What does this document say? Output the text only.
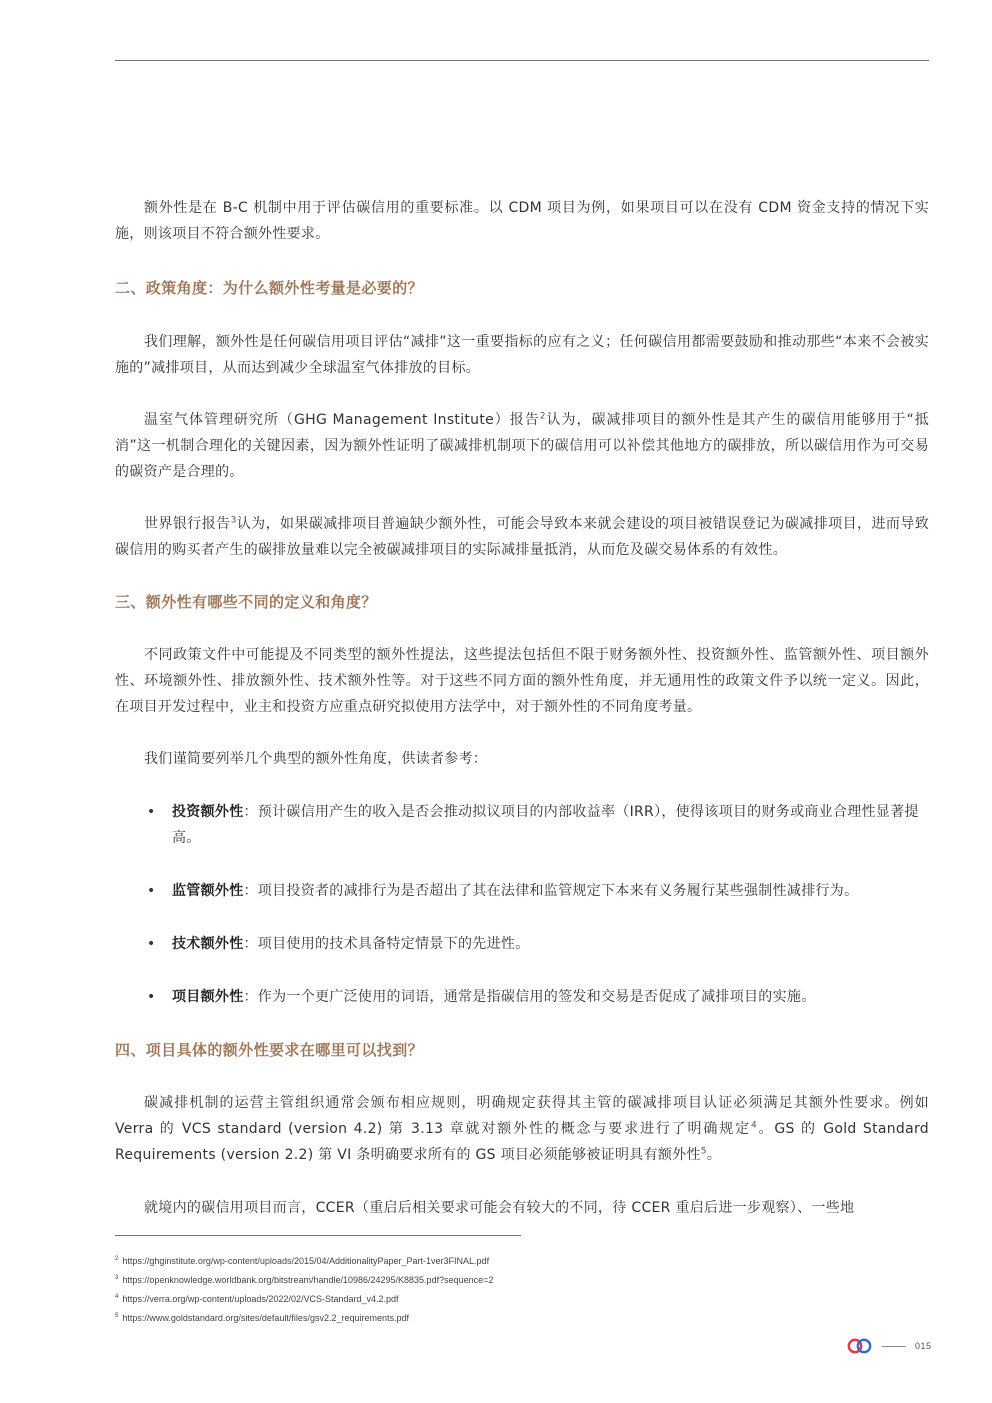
额外性是在 B-C 机制中用于评估碳信用的重要标准。以 CDM 项目为例，如果项目可以在没有 CDM 资金支持的情况下实施，则该项目不符合额外性要求。

二、政策角度：为什么额外性考量是必要的？

我们理解，额外性是任何碳信用项目评估“减排”这一重要指标的应有之义；任何碳信用都需要鼓励和推动那些“本来不会被实施的”减排项目，从而达到减少全球温室气体排放的目标。

温室气体管理研究所（GHG Management Institute）报告$^2$认为，碳减排项目的额外性是其产生的碳信用能够用于“抵消”这一机制合理化的关键因素，因为额外性证明了碳减排机制项下的碳信用可以补偿其他地方的碳排放，所以碳信用作为可交易的碳资产是合理的。

世界银行报告$^3$认为，如果碳减排项目普遍缺少额外性，可能会导致本来就会建设的项目被错误登记为碳减排项目，进而导致碳信用的购买者产生的碳排放量难以完全被碳减排项目的实际减排量抵消，从而危及碳交易体系的有效性。

三、额外性有哪些不同的定义和角度？

不同政策文件中可能提及不同类型的额外性提法，这些提法包括但不限于财务额外性、投资额外性、监管额外性、项目额外性、环境额外性、排放额外性、技术额外性等。对于这些不同方面的额外性角度，并无通用性的政策文件予以统一定义。因此，在项目开发过程中，业主和投资方应重点研究拟使用方法学中，对于额外性的不同角度考量。

我们谨简要列举几个典型的额外性角度，供读者参考：

• 投资额外性：预计碳信用产生的收入是否会推动拟议项目的内部收益率（IRR），使得该项目的财务或商业合理性显著提高。
• 监管额外性：项目投资者的减排行为是否超出了其在法律和监管规定下本来有义务履行某些强制性减排行为。
• 技术额外性：项目使用的技术具备特定情景下的先进性。
• 项目额外性：作为一个更广泛使用的词语，通常是指碳信用的签发和交易是否促成了减排项目的实施。
四、项目具体的额外性要求在哪里可以找到？

碳减排机制的运营主管组织通常会颁布相应规则，明确规定获得其主管的碳减排项目认证必须满足其额外性要求。例如 Verra 的 VCS standard (version 4.2) 第 3.13 章就对额外性的概念与要求进行了明确规定$^4$。GS 的 Gold Standard Requirements (version 2.2) 第 VI 条明确要求所有的 GS 项目必须能够被证明具有额外性$^5$。

就境内的碳信用项目而言，CCER（重启后相关要求可能会有较大的不同，待 CCER 重启后进一步观察）、一些地

$^2$ https://ghginstitute.org/wp-content/uploads/2015/04/AdditionalityPaper_Part-1ver3FINAL.pdf
$^3$ https://openknowledge.worldbank.org/bitstream/handle/10986/24295/K8835.pdf?sequence=2
$^4$ https://verra.org/wp-content/uploads/2022/02/VCS-Standard_v4.2.pdf
$^5$ https://www.goldstandard.org/sites/default/files/gsv2.2_requirements.pdf
015
